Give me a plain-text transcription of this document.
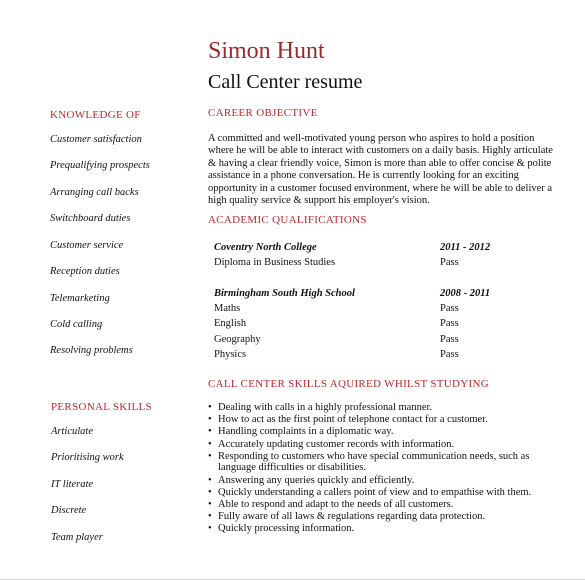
Simon Hunt
Call Center resume
KNOWLEDGE OF
Customer satisfaction
Prequalifying prospects
Arranging call backs
Switchboard duties
Customer service
Reception duties
Telemarketing
Cold calling
Resolving problems
PERSONAL SKILLS
Articulate
Prioritising work
IT literate
Discrete
Team player
CAREER OBJECTIVE
A committed and well-motivated young person who aspires to hold a position where he will be able to interact with customers on a daily basis. Highly articulate & having a clear friendly voice, Simon is more than able to offer concise & polite assistance in a phone conversation. He is currently looking for an exciting opportunity in a customer focused environment, where he will be able to deliver a high quality service & support his employer's vision.
ACADEMIC QUALIFICATIONS
Coventry North College	2011 - 2012
Diploma in Business Studies	Pass
Birmingham South High School	2008 - 2011
Maths	Pass
English	Pass
Geography	Pass
Physics	Pass
CALL CENTER SKILLS AQUIRED WHILST STUDYING
• Dealing with calls in a highly professional manner.
• How to act as the first point of telephone contact for a customer.
• Handling complaints in a diplomatic way.
• Accurately updating customer records with information.
• Responding to customers who have special communication needs, such as language difficulties or disabilities.
• Answering any queries quickly and efficiently.
• Quickly understanding a callers point of view and to empathise with them.
• Able to respond and adapt to the needs of all customers.
• Fully aware of all laws & regulations regarding data protection.
• Quickly processing information.
